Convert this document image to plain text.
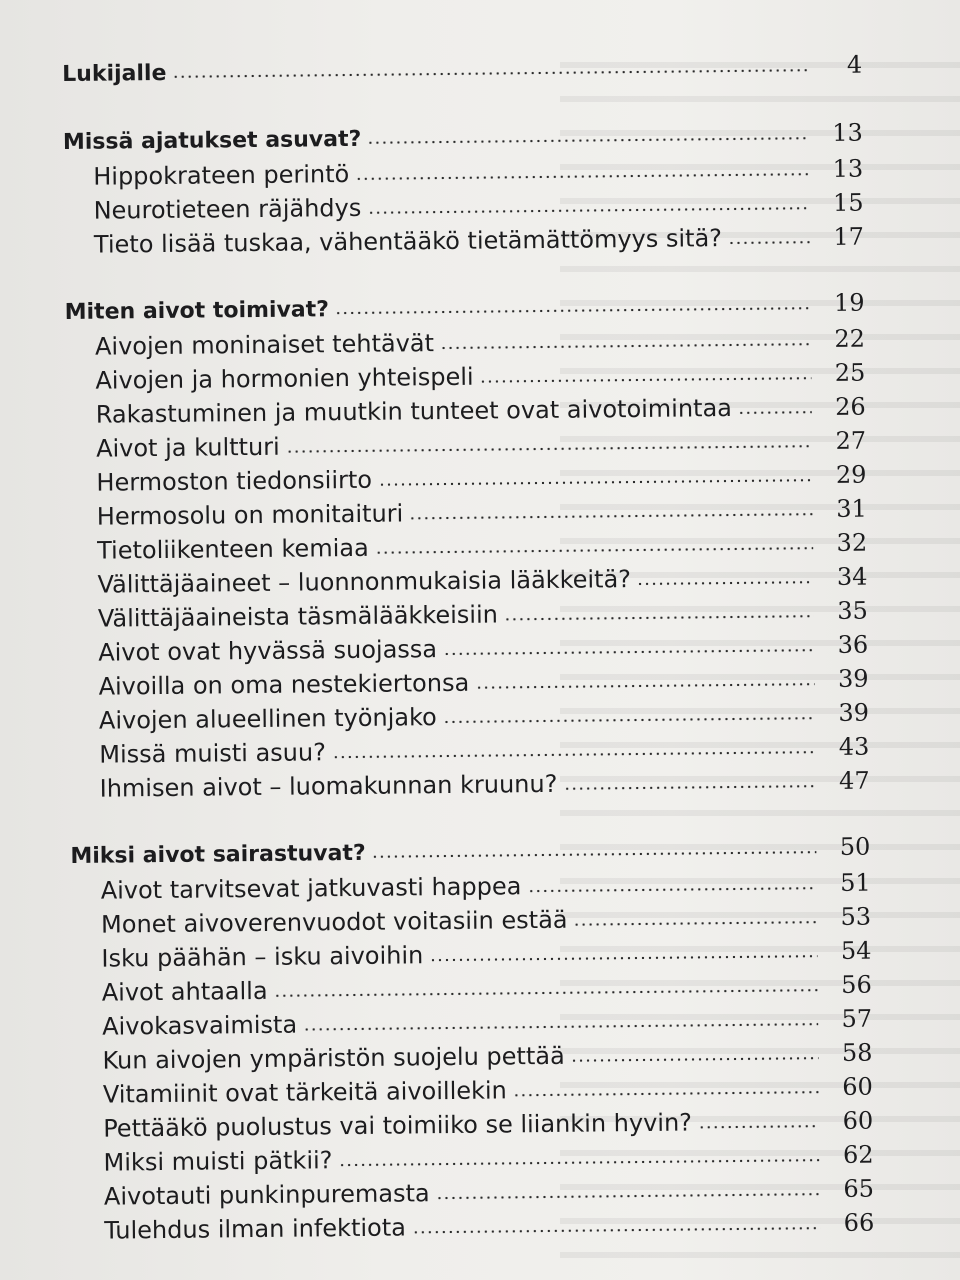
Lukijalle	4
Missä ajatukset asuvat?	13
Hippokrateen perintö	13
Neurotieteen räjähdys	15
Tieto lisää tuskaa, vähentääkö tietämättömyys sitä?	17
Miten aivot toimivat?	19
Aivojen moninaiset tehtävät	22
Aivojen ja hormonien yhteispeli	25
Rakastuminen ja muutkin tunteet ovat aivotoimintaa	26
Aivot ja kultturi	27
Hermoston tiedonsiirto	29
Hermosolu on monitaituri	31
Tietoliikenteen kemiaa	32
Välittäjäaineet – luonnonmukaisia lääkkeitä?	34
Välittäjäaineista täsmälääkkeisiin	35
Aivot ovat hyvässä suojassa	36
Aivoilla on oma nestekiertonsa	39
Aivojen alueellinen työnjako	39
Missä muisti asuu?	43
Ihmisen aivot – luomakunnan kruunu?	47
Miksi aivot sairastuvat?	50
Aivot tarvitsevat jatkuvasti happea	51
Monet aivoverenvuodot voitasiin estää	53
Isku päähän – isku aivoihin	54
Aivot ahtaalla	56
Aivokasvaimista	57
Kun aivojen ympäristön suojelu pettää	58
Vitamiinit ovat tärkeitä aivoillekin	60
Pettääkö puolustus vai toimiiko se liiankin hyvin?	60
Miksi muisti pätkii?	62
Aivotauti punkinpuremasta	65
Tulehdus ilman infektiota	66
